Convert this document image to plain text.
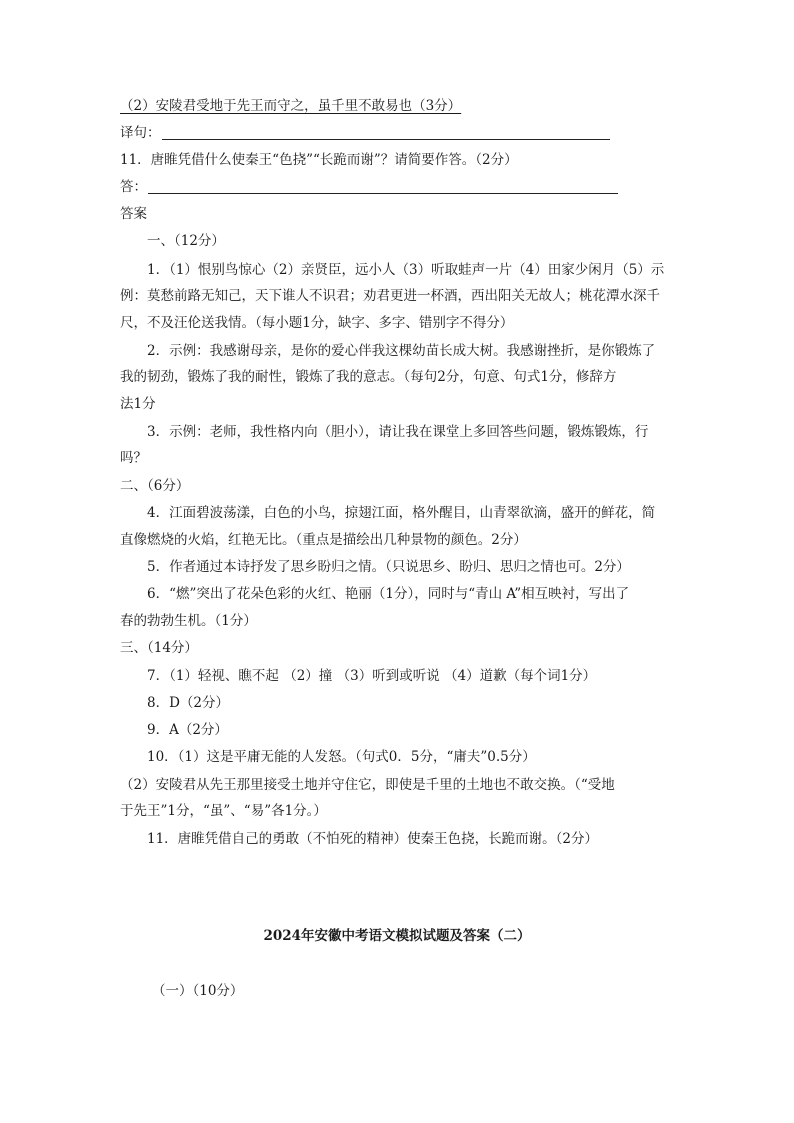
（2）安陵君受地于先王而守之，虽千里不敢易也（3分）
译句：
11．唐睢凭借什么使秦王“色挠”“长跪而谢”？请简要作答。（2分）
答：
答案
一、（12分）
1．（1）恨别鸟惊心（2）亲贤臣，远小人（3）听取蛙声一片（4）田家少闲月（5）示
例：莫愁前路无知己，天下谁人不识君；劝君更进一杯酒，西出阳关无故人；桃花潭水深千
尺，不及汪伦送我情。（每小题1分，缺字、多字、错别字不得分）
2．示例：我感谢母亲，是你的爱心伴我这棵幼苗长成大树。我感谢挫折，是你锻炼了
我的韧劲，锻炼了我的耐性，锻炼了我的意志。（每句2分，句意、句式1分，修辞方
法1分
3．示例：老师，我性格内向（胆小），请让我在课堂上多回答些问题，锻炼锻炼，行
吗？
二、（6分）
4．江面碧波荡漾，白色的小鸟，掠翅江面，格外醒目，山青翠欲滴，盛开的鲜花，简
直像燃烧的火焰，红艳无比。（重点是描绘出几种景物的颜色。2分）
5．作者通过本诗抒发了思乡盼归之情。（只说思乡、盼归、思归之情也可。2分）
6．“燃”突出了花朵色彩的火红、艳丽（1分），同时与“青山 A”相互映衬，写出了
春的勃勃生机。（1分）
三、（14分）
7．（1）轻视、瞧不起 （2）撞 （3）听到或听说 （4）道歉（每个词1分）
8．D（2分）
9．A（2分）
10．（1）这是平庸无能的人发怒。（句式0．5分，“庸夫”0.5分）
（2）安陵君从先王那里接受土地并守住它，即使是千里的土地也不敢交换。（“受地
于先王”1分，“虽”、“易”各1分。）
11．唐睢凭借自己的勇敢（不怕死的精神）使秦王色挠，长跪而谢。（2分）
2024年安徽中考语文模拟试题及答案（二）
（一）（10分）
